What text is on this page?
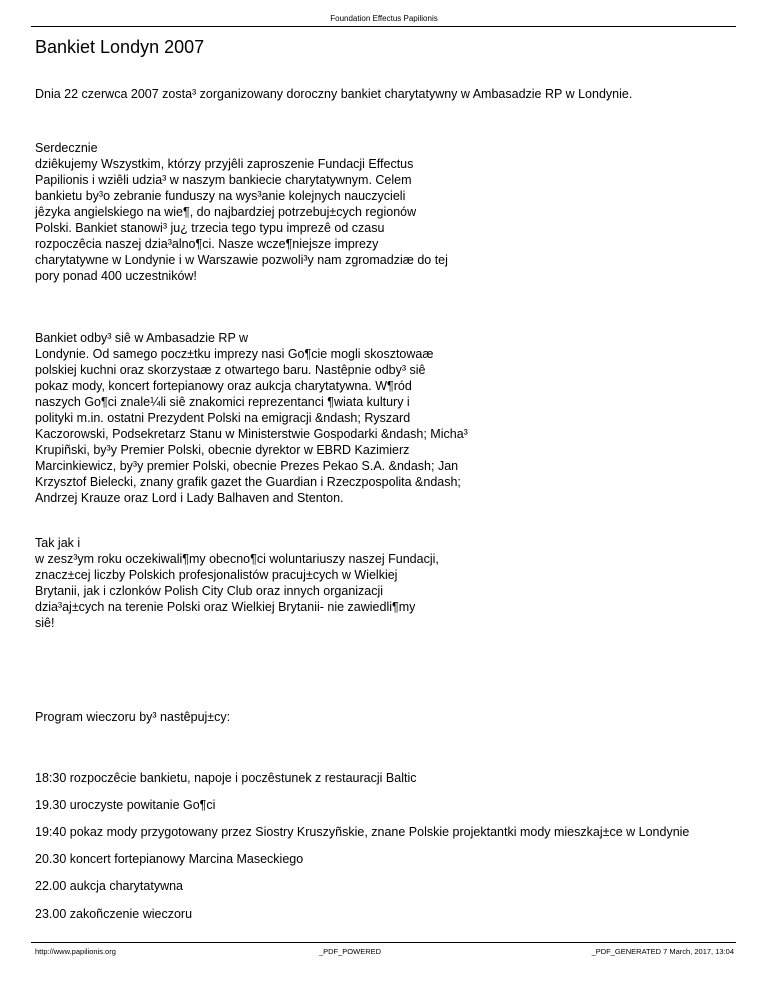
Foundation Effectus Papilionis
Bankiet Londyn 2007

Dnia 22 czerwca 2007 zosta³ zorganizowany doroczny bankiet charytatywny w Ambasadzie RP w Londynie.

Serdecznie
dziêkujemy Wszystkim, którzy przyjêli zaproszenie Fundacji Effectus
Papilionis i wziêli udzia³ w naszym bankiecie charytatywnym. Celem
bankietu by³o zebranie funduszy na wys³anie kolejnych nauczycieli
jêzyka angielskiego na wie¶, do najbardziej potrzebuj±cych regionów
Polski. Bankiet stanowi³ ju¿ trzecia tego typu imprezê od czasu
rozpoczêcia naszej dzia³alno¶ci. Nasze wcze¶niejsze imprezy
charytatywne w Londynie i w Warszawie pozwoli³y nam zgromadziæ do tej
pory ponad 400 uczestników!

Bankiet odby³ siê w Ambasadzie RP w
Londynie. Od samego pocz±tku imprezy nasi Go¶cie mogli skosztowaæ
polskiej kuchni oraz skorzystaæ z otwartego baru. Nastêpnie odby³ siê
pokaz mody, koncert fortepianowy oraz aukcja charytatywna. W¶ród
naszych Go¶ci znale¼li siê znakomici reprezentanci ¶wiata kultury i
polityki m.in. ostatni Prezydent Polski na emigracji &ndash; Ryszard
Kaczorowski, Podsekretarz Stanu w Ministerstwie Gospodarki &ndash; Micha³
Krupiñski, by³y Premier Polski, obecnie dyrektor w EBRD Kazimierz
Marcinkiewicz, by³y premier Polski, obecnie Prezes Pekao S.A. &ndash; Jan
Krzysztof Bielecki, znany grafik gazet the Guardian i Rzeczpospolita &ndash;
Andrzej Krauze oraz Lord i Lady Balhaven and Stenton.

Tak jak i
w zesz³ym roku oczekiwali¶my obecno¶ci woluntariuszy naszej Fundacji,
znacz±cej liczby Polskich profesjonalistów pracuj±cych w Wielkiej
Brytanii, jak i czlonków Polish City Club oraz innych organizacji
dzia³aj±cych na terenie Polski oraz Wielkiej Brytanii- nie zawiedli¶my
siê!

Program wieczoru by³ nastêpuj±cy:

18:30 rozpoczêcie bankietu, napoje i poczêstunek z restauracji Baltic

19.30 uroczyste powitanie Go¶ci

19:40 pokaz mody przygotowany przez Siostry Kruszyñskie, znane Polskie projektantki mody mieszkaj±ce w Londynie

20.30 koncert fortepianowy Marcina Maseckiego

22.00 aukcja charytatywna

23.00 zakoñczenie wieczoru

http://www.papilionis.org	_PDF_POWERED	_PDF_GENERATED 7 March, 2017, 13:04
